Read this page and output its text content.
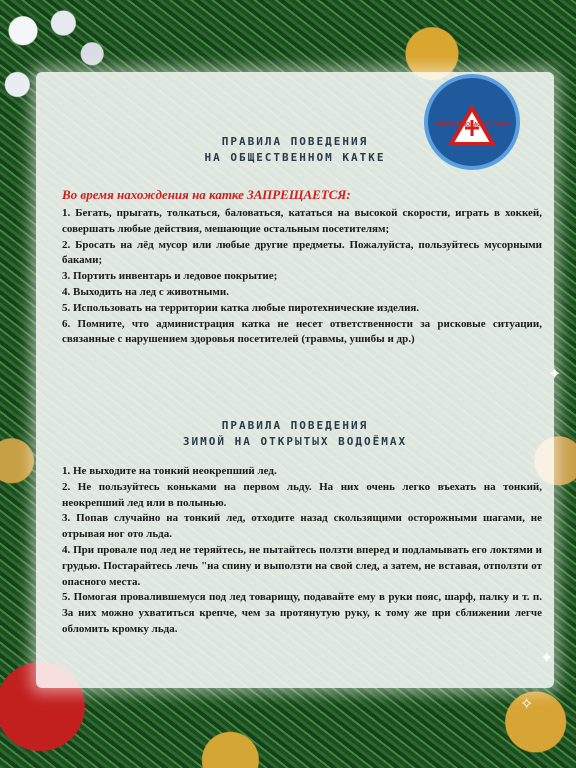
АЗБУКА БЕЗОПАСНОЙ ЗИМЫ
ПРАВИЛА ПОВЕДЕНИЯ
НА ОБЩЕСТВЕННОМ КАТКЕ
Во время нахождения на катке ЗАПРЕЩАЕТСЯ:

1. Бегать, прыгать, толкаться, баловаться, кататься на высокой скорости, играть в хоккей, совершать любые действия, мешающие остальным посетителям;

2. Бросать на лёд мусор или любые другие предметы. Пожалуйста, пользуйтесь мусорными баками;

3. Портить инвентарь и ледовое покрытие;

4. Выходить на лед с животными.

5. Использовать на территории катка любые пиротехнические изделия.

6. Помните, что администрация катка не несет ответственности за рисковые ситуации, связанные с нарушением здоровья посетителей (травмы, ушибы и др.)

ПРАВИЛА ПОВЕДЕНИЯ
ЗИМОЙ НА ОТКРЫТЫХ ВОДОЁМАХ

1. Не выходите на тонкий неокрепший лед.

2. Не пользуйтесь коньками на первом льду. На них очень легко въехать на тонкий, неокрепший лед или в полынью.

3. Попав случайно на тонкий лед, отходите назад скользящими осторожными шагами, не отрывая ног ото льда.

4. При провале под лед не теряйтесь, не пытайтесь ползти вперед и подламывать его локтями и грудью. Постарайтесь лечь "на спину и выползти на свой след, а затем, не вставая, отползти от опасного места.

5. Помогая провалившемуся под лед товарищу, подавайте ему в руки пояс, шарф, палку и т. п. За них можно ухватиться крепче, чем за протянутую руку, к тому же при сближении легче обломить кромку льда.

✦
✦
✧
